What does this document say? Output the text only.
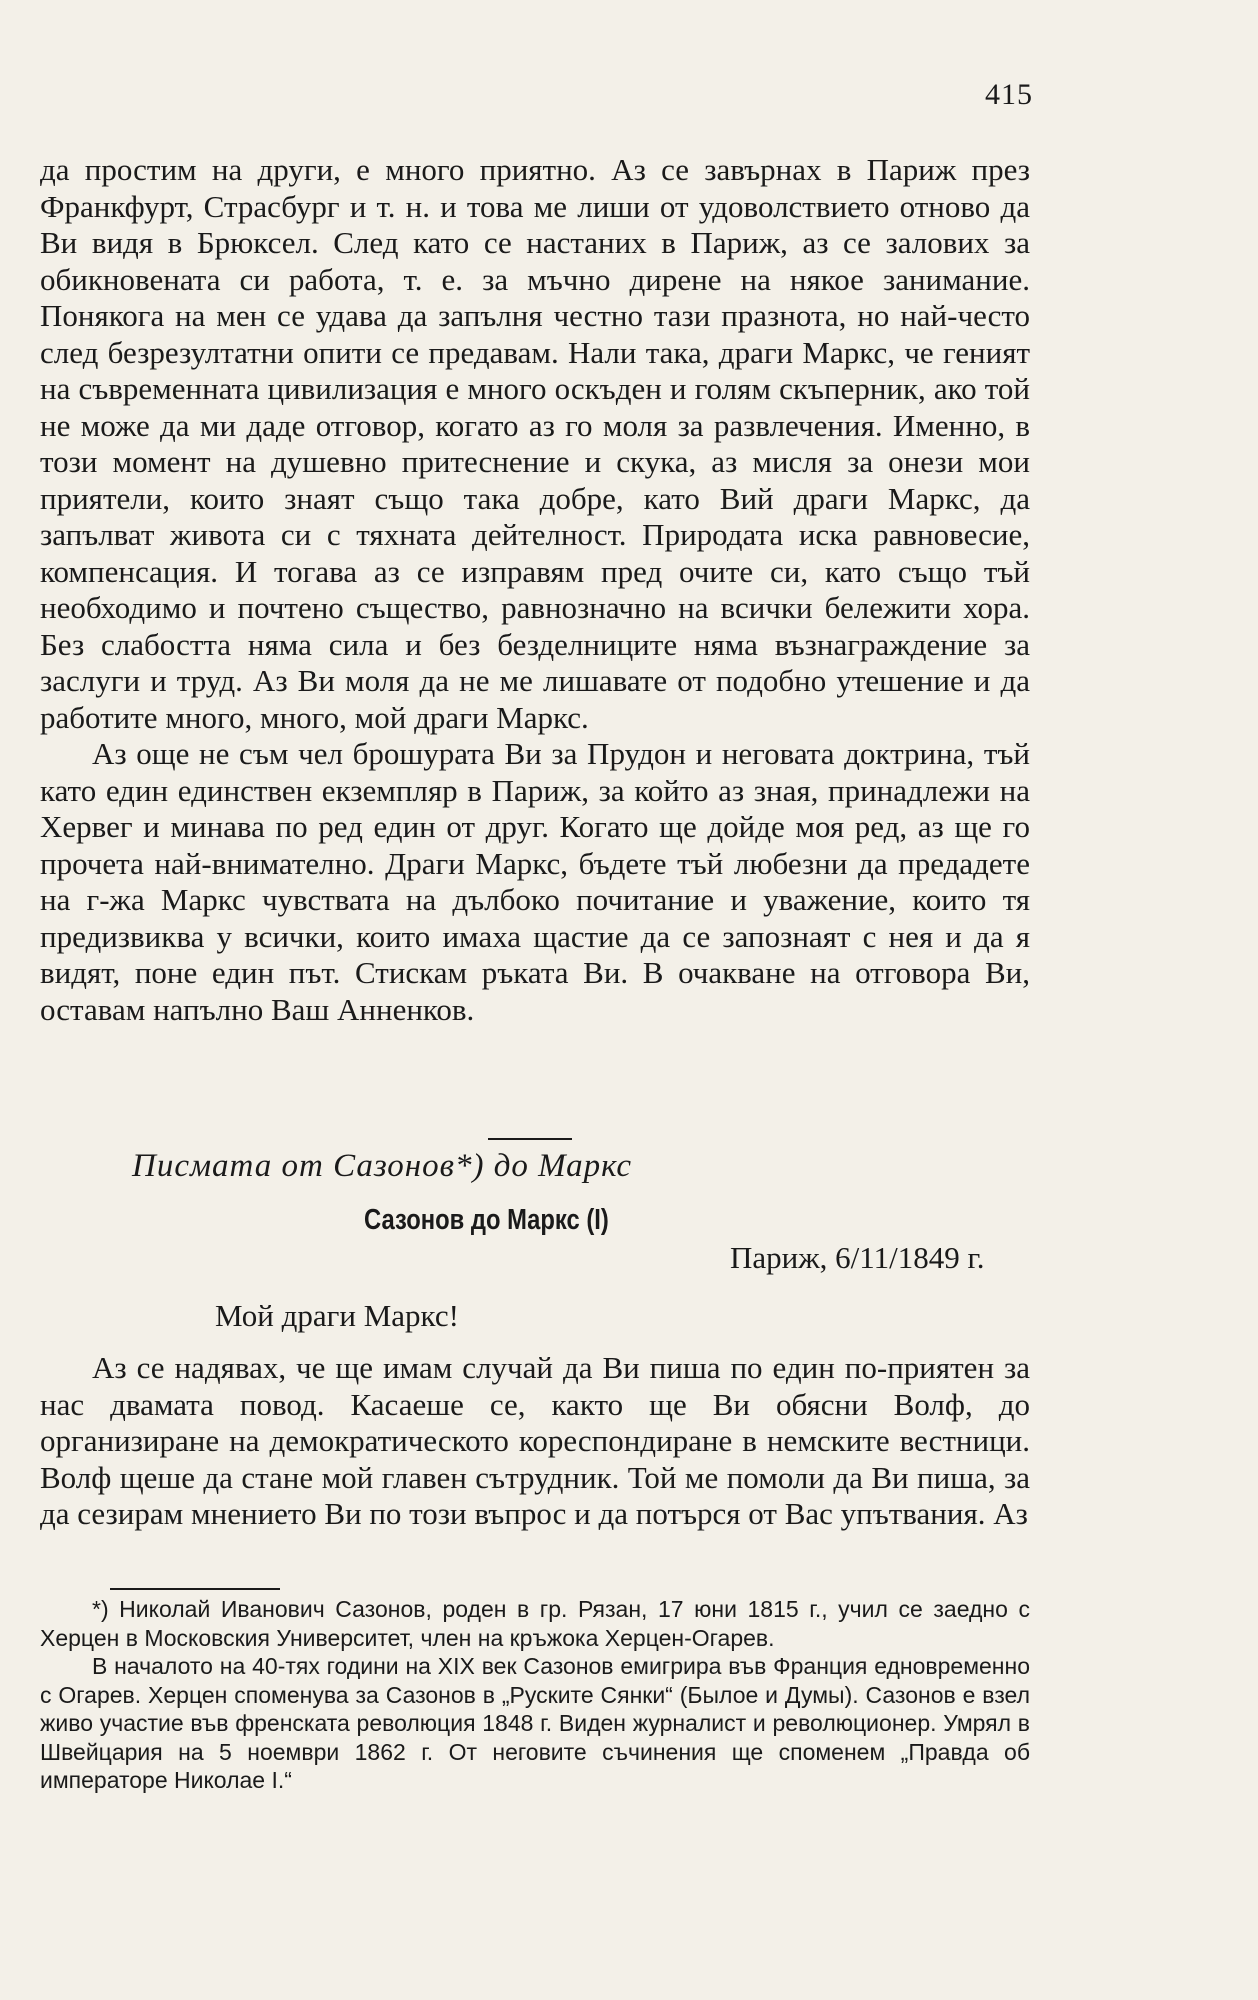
415

да простим на други, е много приятно. Аз се завърнах в Париж през Франкфурт, Страсбург и т. н. и това ме лиши от удоволствието отново да Ви видя в Брюксел. След като се настаних в Париж, аз се залових за обикновената си работа, т. е. за мъчно дирене на някое занимание. Понякога на мен се удава да запълня честно тази празнота, но най-често след безрезултатни опити се предавам. Нали така, драги Маркс, че геният на съвременната цивилизация е много оскъден и голям скъперник, ако той не може да ми даде отговор, когато аз го моля за развлечения. Именно, в този момент на душевно притеснение и скука, аз мисля за онези мои приятели, които знаят също така добре, като Вий драги Маркс, да запълват живота си с тяхната дейтелност. Природата иска равновесие, компенсация. И тогава аз се изправям пред очите си, като също тъй необходимо и почтено същество, равнозначно на всички бележити хора. Без слабостта няма сила и без безделниците няма възнаграждение за заслуги и труд. Аз Ви моля да не ме лишавате от подобно утешение и да работите много, много, мой драги Маркс.

Аз още не съм чел брошурата Ви за Прудон и неговата доктрина, тъй като един единствен екземпляр в Париж, за който аз зная, принадлежи на Хервег и минава по ред един от друг. Когато ще дойде моя ред, аз ще го прочета най-внимателно. Драги Маркс, бъдете тъй любезни да предадете на г-жа Маркс чувствата на дълбоко почитание и уважение, които тя предизвиква у всички, които имаха щастие да се запознаят с нея и да я видят, поне един път. Стискам ръката Ви. В очакване на отговора Ви, оставам напълно Ваш Анненков.

Писмата от Сазонов*) до Маркс
Сазонов до Маркс (I)
Париж, 6/11/1849 г.
Мой драги Маркс!

Аз се надявах, че ще имам случай да Ви пиша по един по-приятен за нас двамата повод. Касаеше се, както ще Ви обясни Волф, до организиране на демократическото кореспондиране в немските вестници. Волф щеше да стане мой главен сътрудник. Той ме помоли да Ви пиша, за да сезирам мнението Ви по този въпрос и да потърся от Вас упътвания. Аз

*) Николай Иванович Сазонов, роден в гр. Рязан, 17 юни 1815 г., учил се заедно с Херцен в Московския Университет, член на кръжока Херцен-Огарев.

В началото на 40-тях години на XIX век Сазонов емигрира във Франция едновременно с Огарев. Херцен споменува за Сазонов в „Руските Сянки“ (Былое и Думы). Сазонов е взел живо участие във френската революция 1848 г. Виден журналист и революционер. Умрял в Швейцария на 5 ноември 1862 г. От неговите съчинения ще споменем „Правда об императоре Николае I.“
